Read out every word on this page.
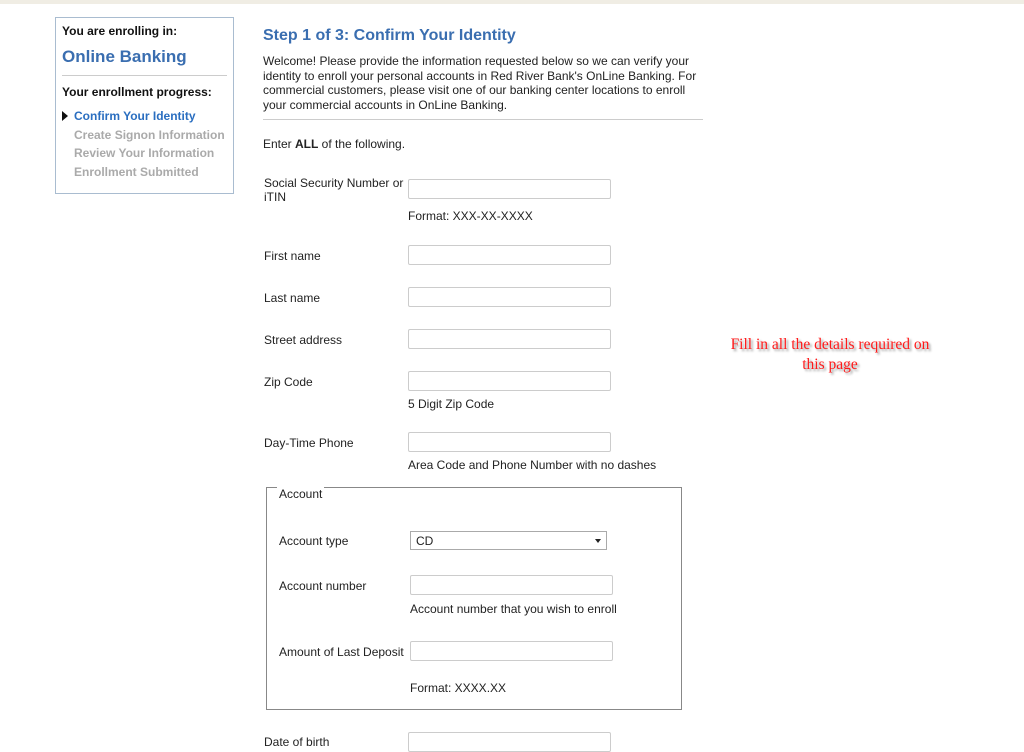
You are enrolling in:
Online Banking
Your enrollment progress:
Confirm Your Identity
Create Signon Information
Review Your Information
Enrollment Submitted
Step 1 of 3: Confirm Your Identity
Welcome! Please provide the information requested below so we can verify your identity to enroll your personal accounts in Red River Bank's OnLine Banking. For commercial customers, please visit one of our banking center locations to enroll your commercial accounts in OnLine Banking.
Enter ALL of the following.
Social Security Number or iTIN
Format: XXX-XX-XXXX
First name
Last name
Street address
Zip Code
5 Digit Zip Code
Day-Time Phone
Area Code and Phone Number with no dashes
Account
Account type	CD
Account number
Account number that you wish to enroll
Amount of Last Deposit
Format: XXXX.XX
Date of birth
Fill in all the details required on this page
